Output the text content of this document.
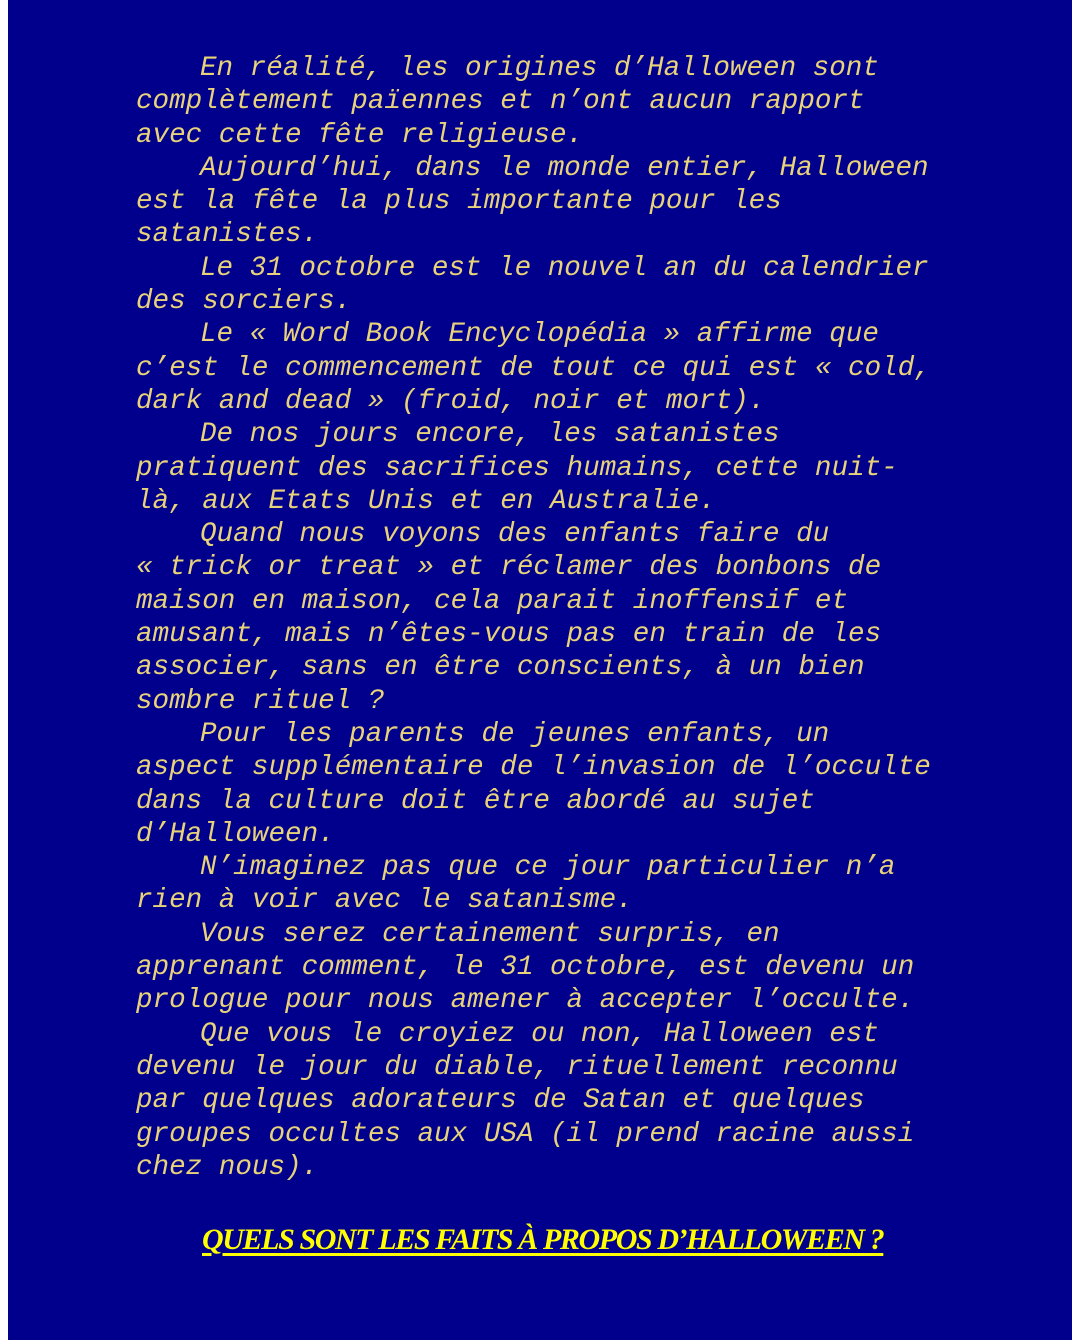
En réalité, les origines d’Halloween sont
complètement païennes et n’ont aucun rapport
avec cette fête religieuse.

Aujourd’hui, dans le monde entier, Halloween
est la fête la plus importante pour les
satanistes.

Le 31 octobre est le nouvel an du calendrier
des sorciers.

Le « Word Book Encyclopédia » affirme que
c’est le commencement de tout ce qui est « cold,
dark and dead » (froid, noir et mort).

De nos jours encore, les satanistes
pratiquent des sacrifices humains, cette nuit-
là, aux Etats Unis et en Australie.

Quand nous voyons des enfants faire du
« trick or treat » et réclamer des bonbons de
maison en maison, cela parait inoffensif et
amusant, mais n’êtes-vous pas en train de les
associer, sans en être conscients, à un bien
sombre rituel ?

Pour les parents de jeunes enfants, un
aspect supplémentaire de l’invasion de l’occulte
dans la culture doit être abordé au sujet
d’Halloween.

N’imaginez pas que ce jour particulier n’a
rien à voir avec le satanisme.

Vous serez certainement surpris, en
apprenant comment, le 31 octobre, est devenu un
prologue pour nous amener à accepter l’occulte.

Que vous le croyiez ou non, Halloween est
devenu le jour du diable, rituellement reconnu
par quelques adorateurs de Satan et quelques
groupes occultes aux USA (il prend racine aussi
chez nous).

QUELS SONT LES FAITS À PROPOS D’HALLOWEEN ?
